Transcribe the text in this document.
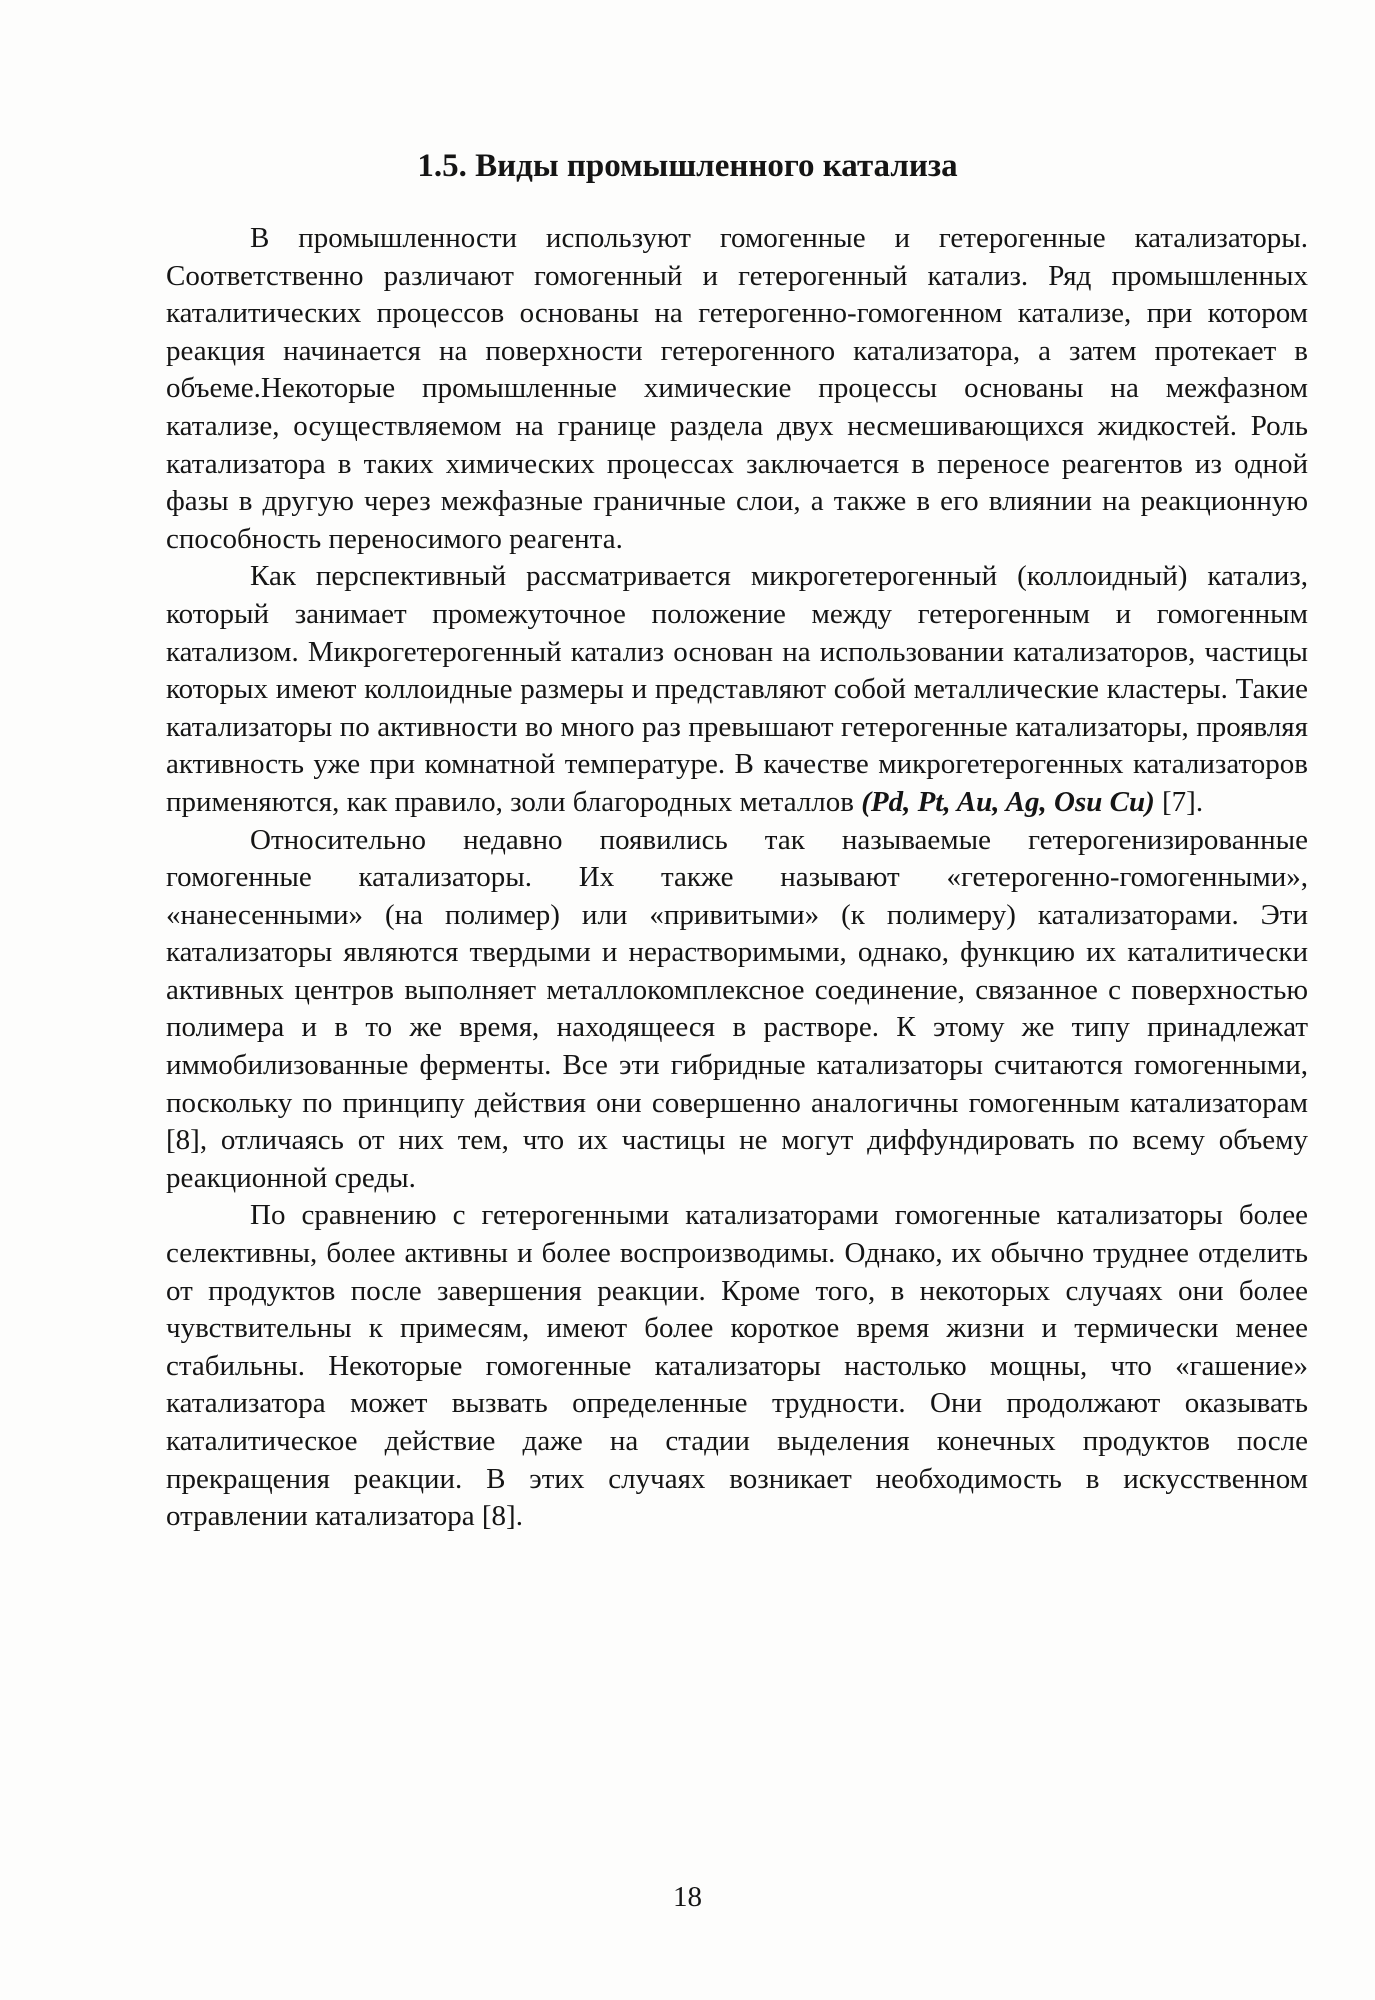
1.5. Виды промышленного катализа

В промышленности используют гомогенные и гетерогенные катализаторы. Соответственно различают гомогенный и гетерогенный катализ. Ряд промышленных каталитических процессов основаны на гетерогенно-гомогенном катализе, при котором реакция начинается на поверхности гетерогенного катализатора, а затем протекает в объеме.Некоторые промышленные химические процессы основаны на межфазном катализе, осуществляемом на границе раздела двух несмешивающихся жидкостей. Роль катализатора в таких химических процессах заключается в переносе реагентов из одной фазы в другую через межфазные граничные слои, а также в его влиянии на реакционную способность переносимого реагента.

Как перспективный рассматривается микрогетерогенный (коллоидный) катализ, который занимает промежуточное положение между гетерогенным и гомогенным катализом. Микрогетерогенный катализ основан на использовании катализаторов, частицы которых имеют коллоидные размеры и представляют собой металлические кластеры. Такие катализаторы по активности во много раз превышают гетерогенные катализаторы, проявляя активность уже при комнатной температуре. В качестве микрогетерогенных катализаторов применяются, как правило, золи благородных металлов (Pd, Pt, Au, Ag, Osu Cu) [7].

Относительно недавно появились так называемые гетерогенизированные гомогенные катализаторы. Их также называют «гетерогенно-гомогенными», «нанесенными» (на полимер) или «привитыми» (к полимеру) катализаторами. Эти катализаторы являются твердыми и нерастворимыми, однако, функцию их каталитически активных центров выполняет металлокомплексное соединение, связанное с поверхностью полимера и в то же время, находящееся в растворе. К этому же типу принадлежат иммобилизованные ферменты. Все эти гибридные катализаторы считаются гомогенными, поскольку по принципу действия они совершенно аналогичны гомогенным катализаторам [8], отличаясь от них тем, что их частицы не могут диффундировать по всему объему реакционной среды.

По сравнению с гетерогенными катализаторами гомогенные катализаторы более селективны, более активны и более воспроизводимы. Однако, их обычно труднее отделить от продуктов после завершения реакции. Кроме того, в некоторых случаях они более чувствительны к примесям, имеют более короткое время жизни и термически менее стабильны. Некоторые гомогенные катализаторы настолько мощны, что «гашение» катализатора может вызвать определенные трудности. Они продолжают оказывать каталитическое действие даже на стадии выделения конечных продуктов после прекращения реакции. В этих случаях возникает необходимость в искусственном отравлении катализатора [8].

18
